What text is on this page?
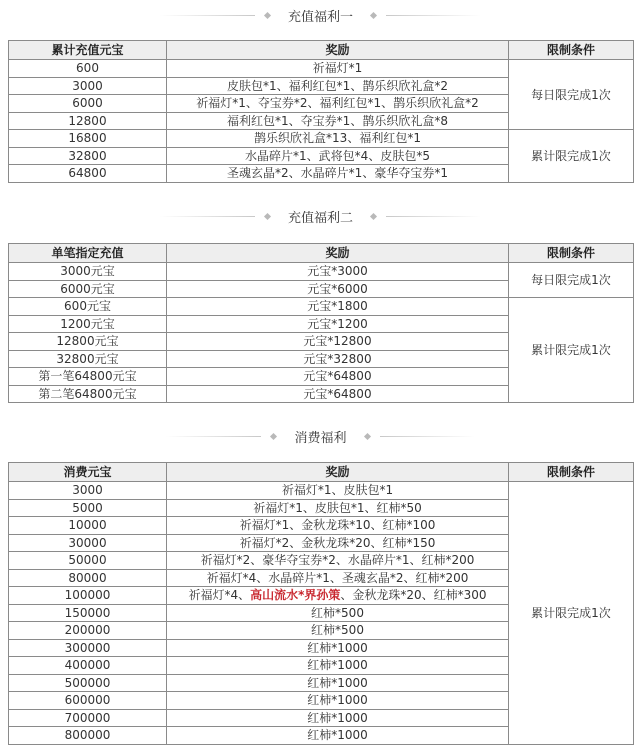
充值福利一
累计充值元宝	奖励	限制条件
600	祈福灯*1	每日限完成1次
3000	皮肤包*1、福利红包*1、鹊乐织欣礼盒*2	
6000	祈福灯*1、夺宝券*2、福利红包*1、鹊乐织欣礼盒*2	
12800	福利红包*1、夺宝券*1、鹊乐织欣礼盒*8	
16800	鹊乐织欣礼盒*13、福利红包*1	累计限完成1次
32800	水晶碎片*1、武将包*4、皮肤包*5	
64800	圣魂玄晶*2、水晶碎片*1、豪华夺宝券*1	
充值福利二
单笔指定充值	奖励	限制条件
3000元宝	元宝*3000	每日限完成1次
6000元宝	元宝*6000	
600元宝	元宝*1800	累计限完成1次
1200元宝	元宝*1200	
12800元宝	元宝*12800	
32800元宝	元宝*32800	
第一笔64800元宝	元宝*64800	
第二笔64800元宝	元宝*64800	
消费福利
消费元宝	奖励	限制条件
3000	祈福灯*1、皮肤包*1	累计限完成1次
5000	祈福灯*1、皮肤包*1、红柿*50	
10000	祈福灯*1、金秋龙珠*10、红柿*100	
30000	祈福灯*2、金秋龙珠*20、红柿*150	
50000	祈福灯*2、豪华夺宝券*2、水晶碎片*1、红柿*200	
80000	祈福灯*4、水晶碎片*1、圣魂玄晶*2、红柿*200	
100000	祈福灯*4、高山流水*界孙策、金秋龙珠*20、红柿*300	
150000	红柿*500	
200000	红柿*500	
300000	红柿*1000	
400000	红柿*1000	
500000	红柿*1000	
600000	红柿*1000	
700000	红柿*1000	
800000	红柿*1000	
